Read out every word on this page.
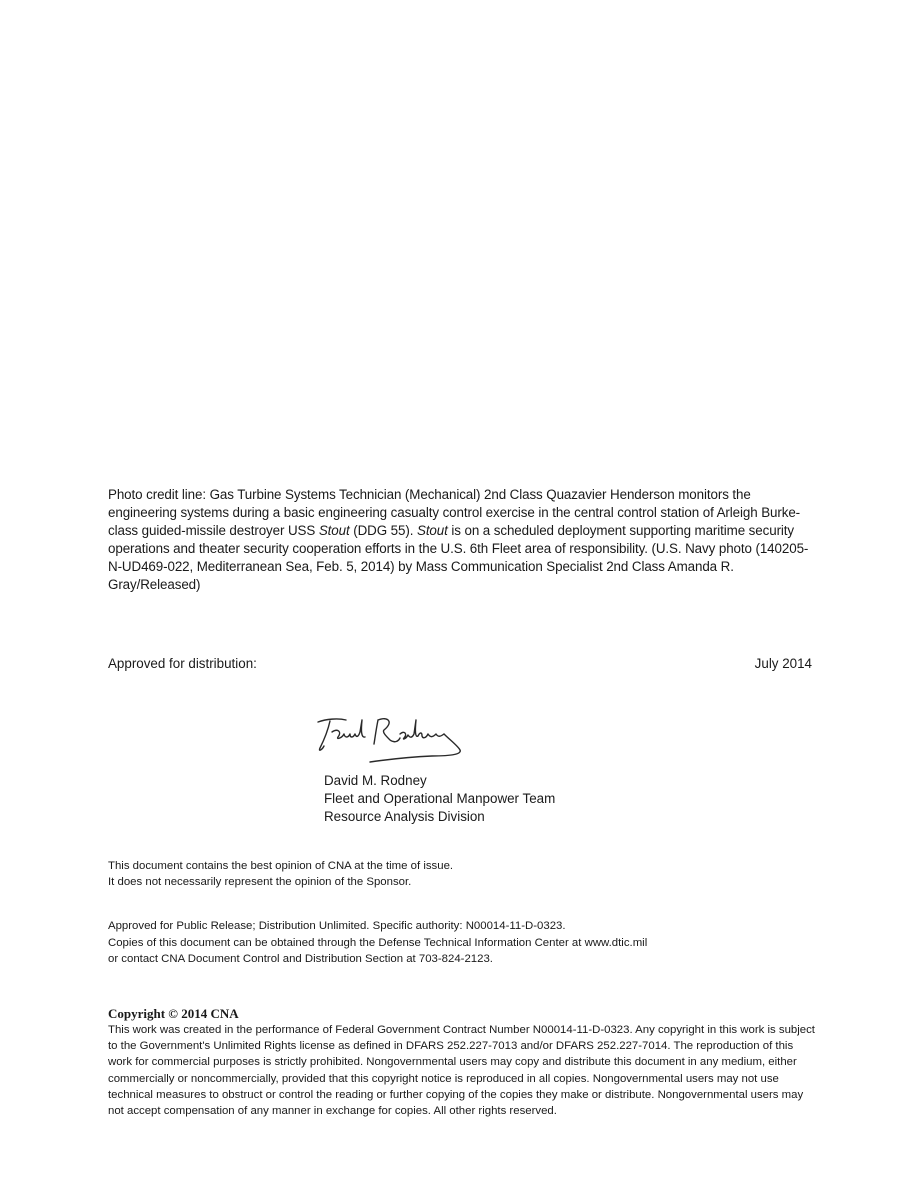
Photo credit line: Gas Turbine Systems Technician (Mechanical) 2nd Class Quazavier Henderson monitors the engineering systems during a basic engineering casualty control exercise in the central control station of Arleigh Burke-class guided-missile destroyer USS Stout (DDG 55). Stout is on a scheduled deployment supporting maritime security operations and theater security cooperation efforts in the U.S. 6th Fleet area of responsibility. (U.S. Navy photo (140205-N-UD469-022, Mediterranean Sea, Feb. 5, 2014) by Mass Communication Specialist 2nd Class Amanda R. Gray/Released)

Approved for distribution:	July 2014
David M. Rodney
Fleet and Operational Manpower Team
Resource Analysis Division
This document contains the best opinion of CNA at the time of issue.
It does not necessarily represent the opinion of the Sponsor.
Approved for Public Release; Distribution Unlimited. Specific authority: N00014-11-D-0323.
Copies of this document can be obtained through the Defense Technical Information Center at www.dtic.mil
or contact CNA Document Control and Distribution Section at 703-824-2123.
Copyright © 2014 CNA

This work was created in the performance of Federal Government Contract Number N00014-11-D-0323. Any copyright in this work is subject to the Government's Unlimited Rights license as defined in DFARS 252.227-7013 and/or DFARS 252.227-7014. The reproduction of this work for commercial purposes is strictly prohibited. Nongovernmental users may copy and distribute this document in any medium, either commercially or noncommercially, provided that this copyright notice is reproduced in all copies. Nongovernmental users may not use technical measures to obstruct or control the reading or further copying of the copies they make or distribute. Nongovernmental users may not accept compensation of any manner in exchange for copies. All other rights reserved.
